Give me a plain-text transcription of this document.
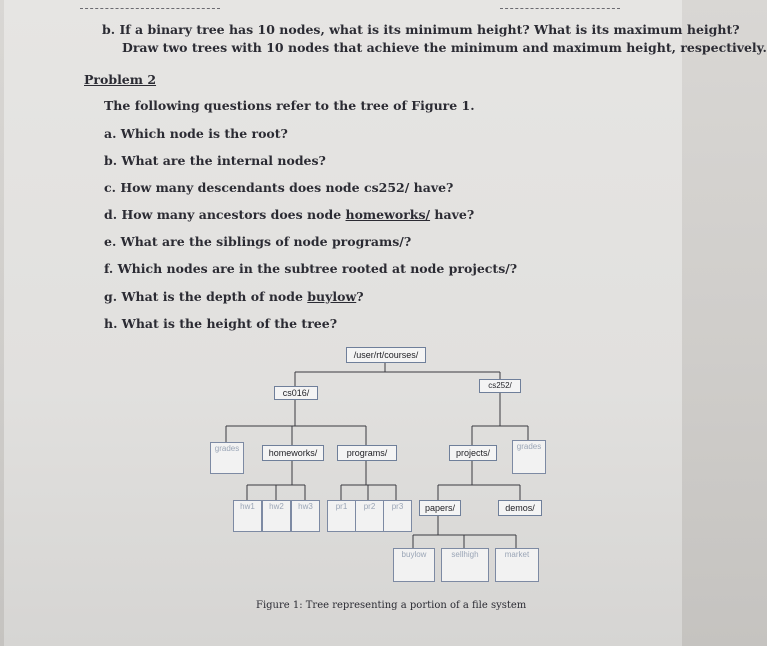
b. If a binary tree has 10 nodes, what is its minimum height? What is its maximum height?
Draw two trees with 10 nodes that achieve the minimum and maximum height, respectively.
Problem 2
The following questions refer to the tree of Figure 1.
a. Which node is the root?
b. What are the internal nodes?
c. How many descendants does node cs252/ have?
d. How many ancestors does node homeworks/ have?
e. What are the siblings of node programs/?
f. Which nodes are in the subtree rooted at node projects/?
g. What is the depth of node buylow?
h. What is the height of the tree?
/user/rt/courses/
cs016/
cs252/
grades	homeworks/	programs/	projects/
grades
hw1	hw2	hw3	pr1	pr2	pr3	papers/	demos/
buylow	sellhigh	market
Figure 1: Tree representing a portion of a file system
